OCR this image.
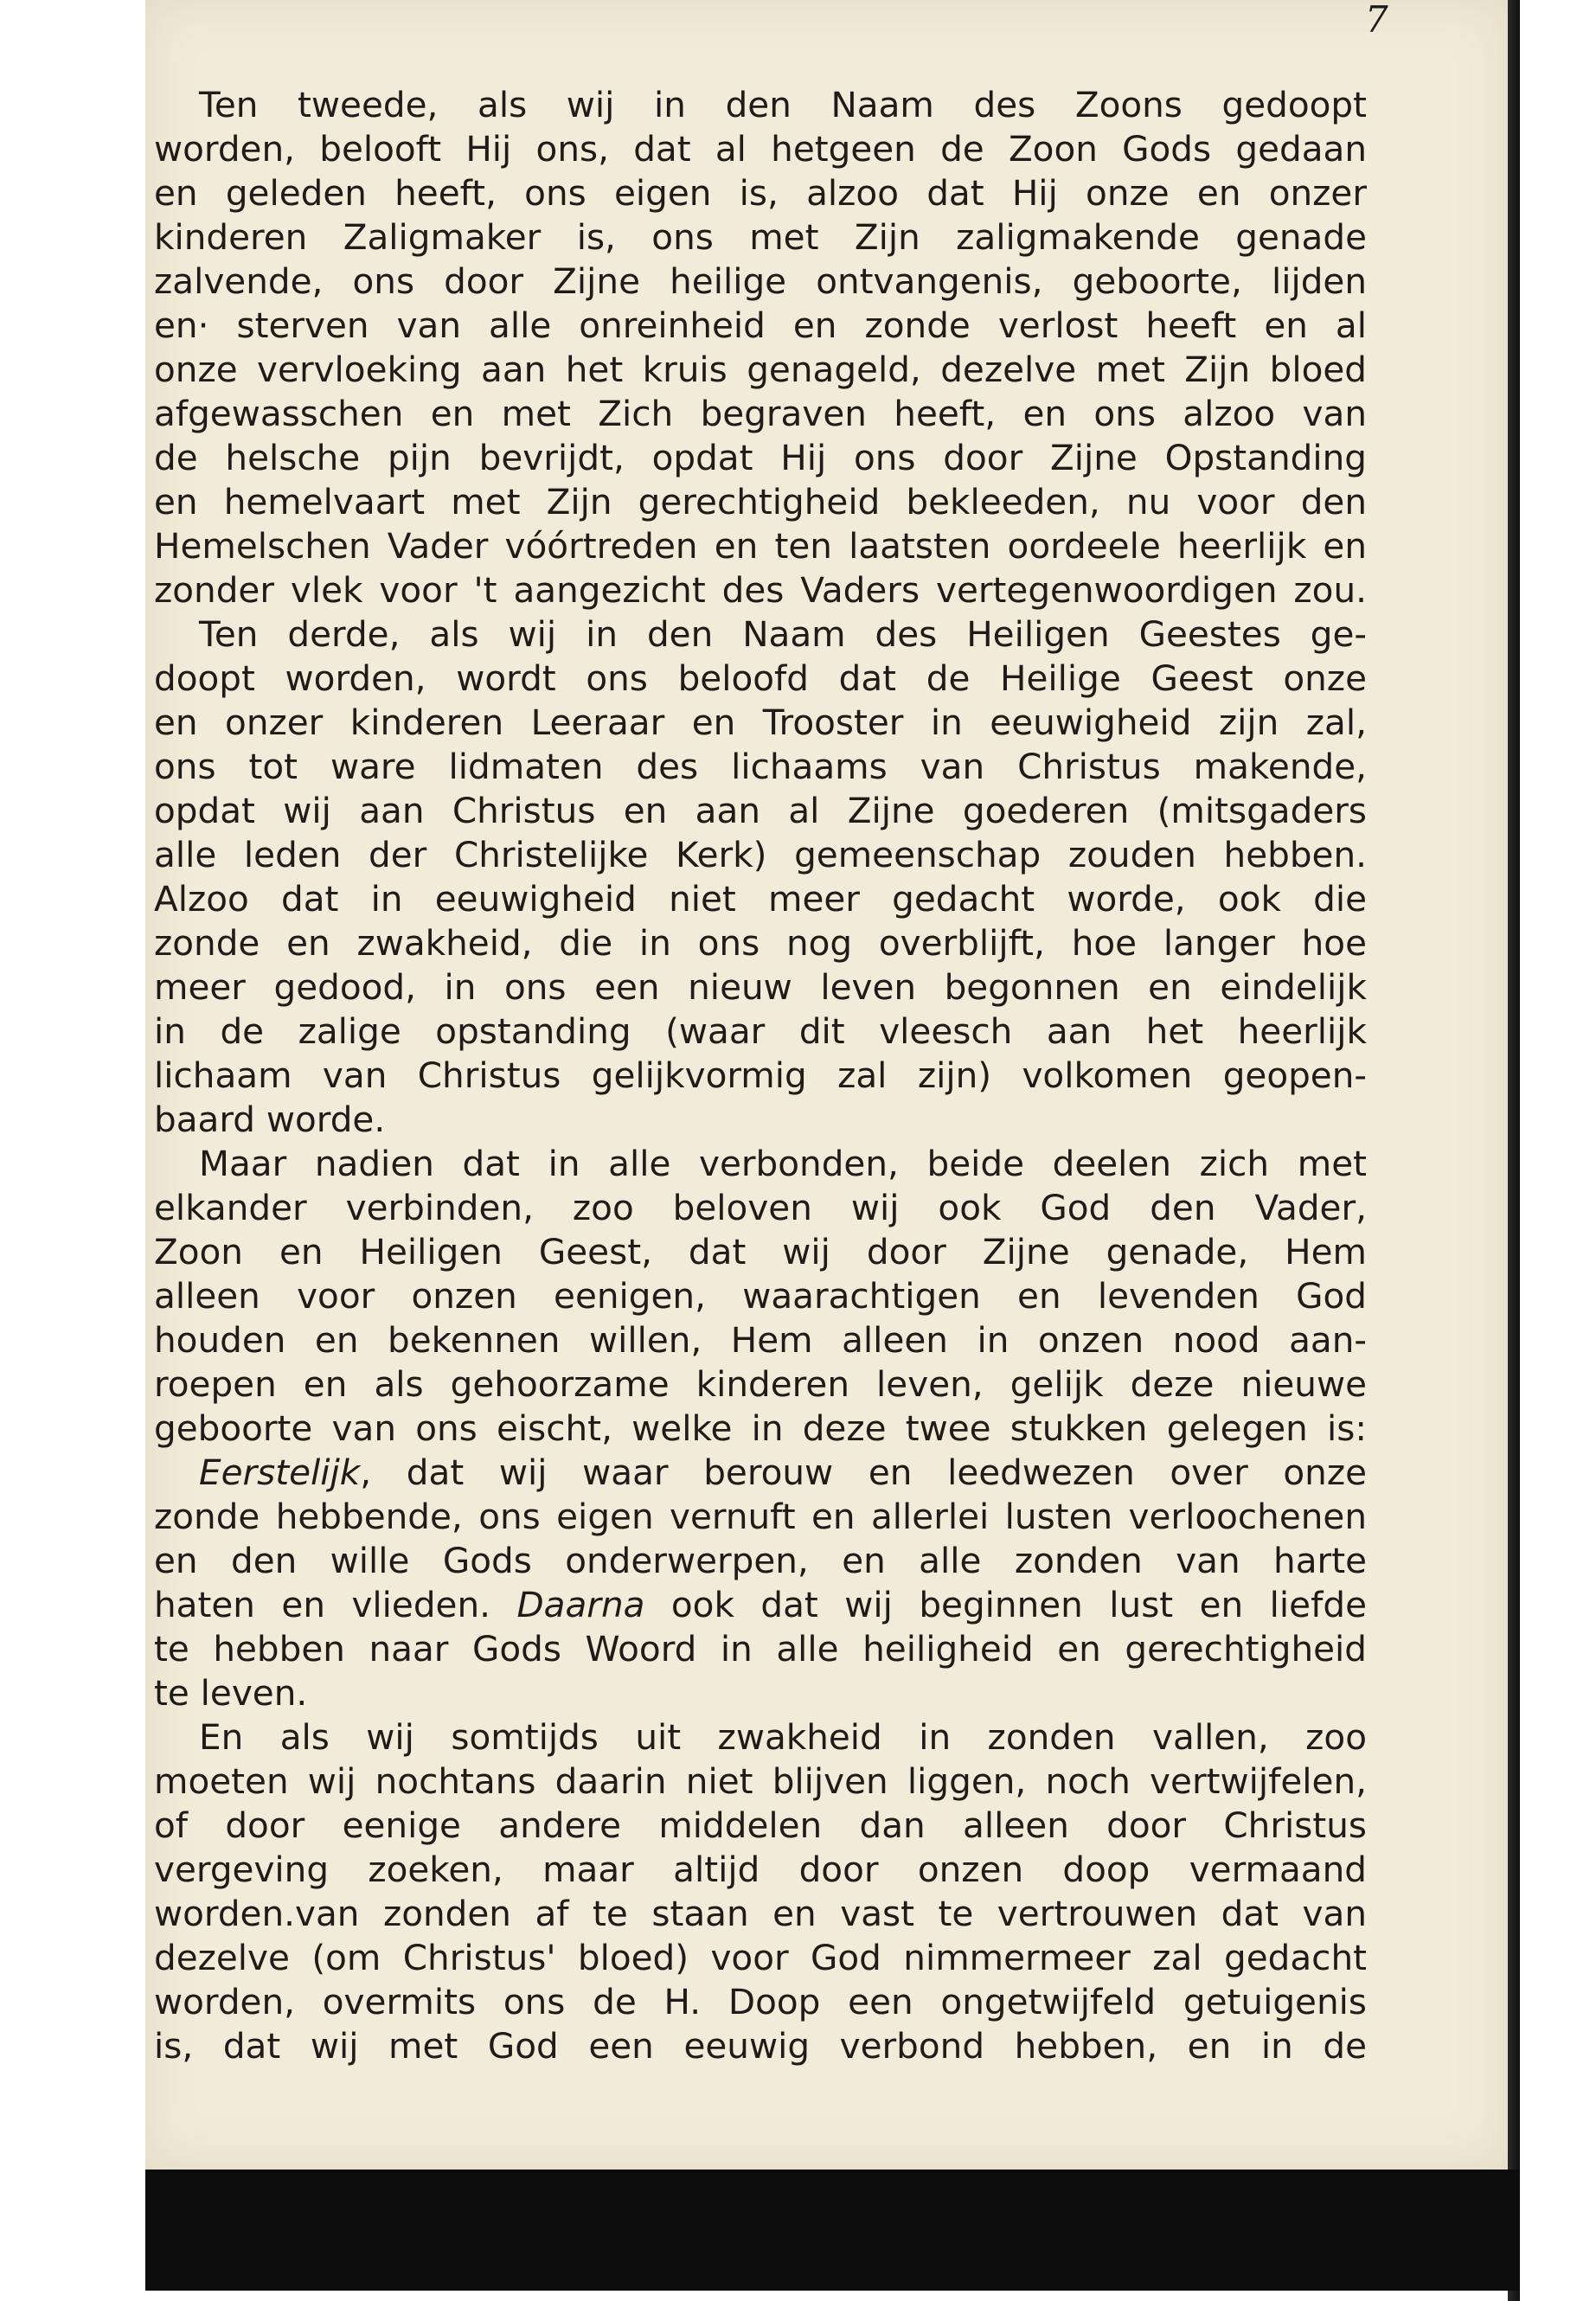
7
Ten tweede, als wij in den Naam des Zoons gedoopt
worden, belooft Hij ons, dat al hetgeen de Zoon Gods gedaan
en geleden heeft, ons eigen is, alzoo dat Hij onze en onzer
kinderen Zaligmaker is, ons met Zijn zaligmakende genade
zalvende, ons door Zijne heilige ontvangenis, geboorte, lijden
en· sterven van alle onreinheid en zonde verlost heeft en al
onze vervloeking aan het kruis genageld, dezelve met Zijn bloed
afgewasschen en met Zich begraven heeft, en ons alzoo van
de helsche pijn bevrijdt, opdat Hij ons door Zijne Opstanding
en hemelvaart met Zijn gerechtigheid bekleeden, nu voor den
Hemelschen Vader vóórtreden en ten laatsten oordeele heerlijk en
zonder vlek voor 't aangezicht des Vaders vertegenwoordigen zou.
Ten derde, als wij in den Naam des Heiligen Geestes ge-
doopt worden, wordt ons beloofd dat de Heilige Geest onze
en onzer kinderen Leeraar en Trooster in eeuwigheid zijn zal,
ons tot ware lidmaten des lichaams van Christus makende,
opdat wij aan Christus en aan al Zijne goederen (mitsgaders
alle leden der Christelijke Kerk) gemeenschap zouden hebben.
Alzoo dat in eeuwigheid niet meer gedacht worde, ook die
zonde en zwakheid, die in ons nog overblijft, hoe langer hoe
meer gedood, in ons een nieuw leven begonnen en eindelijk
in de zalige opstanding (waar dit vleesch aan het heerlijk
lichaam van Christus gelijkvormig zal zijn) volkomen geopen-
baard worde.
Maar nadien dat in alle verbonden, beide deelen zich met
elkander verbinden, zoo beloven wij ook God den Vader,
Zoon en Heiligen Geest, dat wij door Zijne genade, Hem
alleen voor onzen eenigen, waarachtigen en levenden God
houden en bekennen willen, Hem alleen in onzen nood aan-
roepen en als gehoorzame kinderen leven, gelijk deze nieuwe
geboorte van ons eischt, welke in deze twee stukken gelegen is:
Eerstelijk, dat wij waar berouw en leedwezen over onze
zonde hebbende, ons eigen vernuft en allerlei lusten verloochenen
en den wille Gods onderwerpen, en alle zonden van harte
haten en vlieden. Daarna ook dat wij beginnen lust en liefde
te hebben naar Gods Woord in alle heiligheid en gerechtigheid
te leven.
En als wij somtijds uit zwakheid in zonden vallen, zoo
moeten wij nochtans daarin niet blijven liggen, noch vertwijfelen,
of door eenige andere middelen dan alleen door Christus
vergeving zoeken, maar altijd door onzen doop vermaand
worden.van zonden af te staan en vast te vertrouwen dat van
dezelve (om Christus' bloed) voor God nimmermeer zal gedacht
worden, overmits ons de H. Doop een ongetwijfeld getuigenis
is, dat wij met God een eeuwig verbond hebben, en in de
